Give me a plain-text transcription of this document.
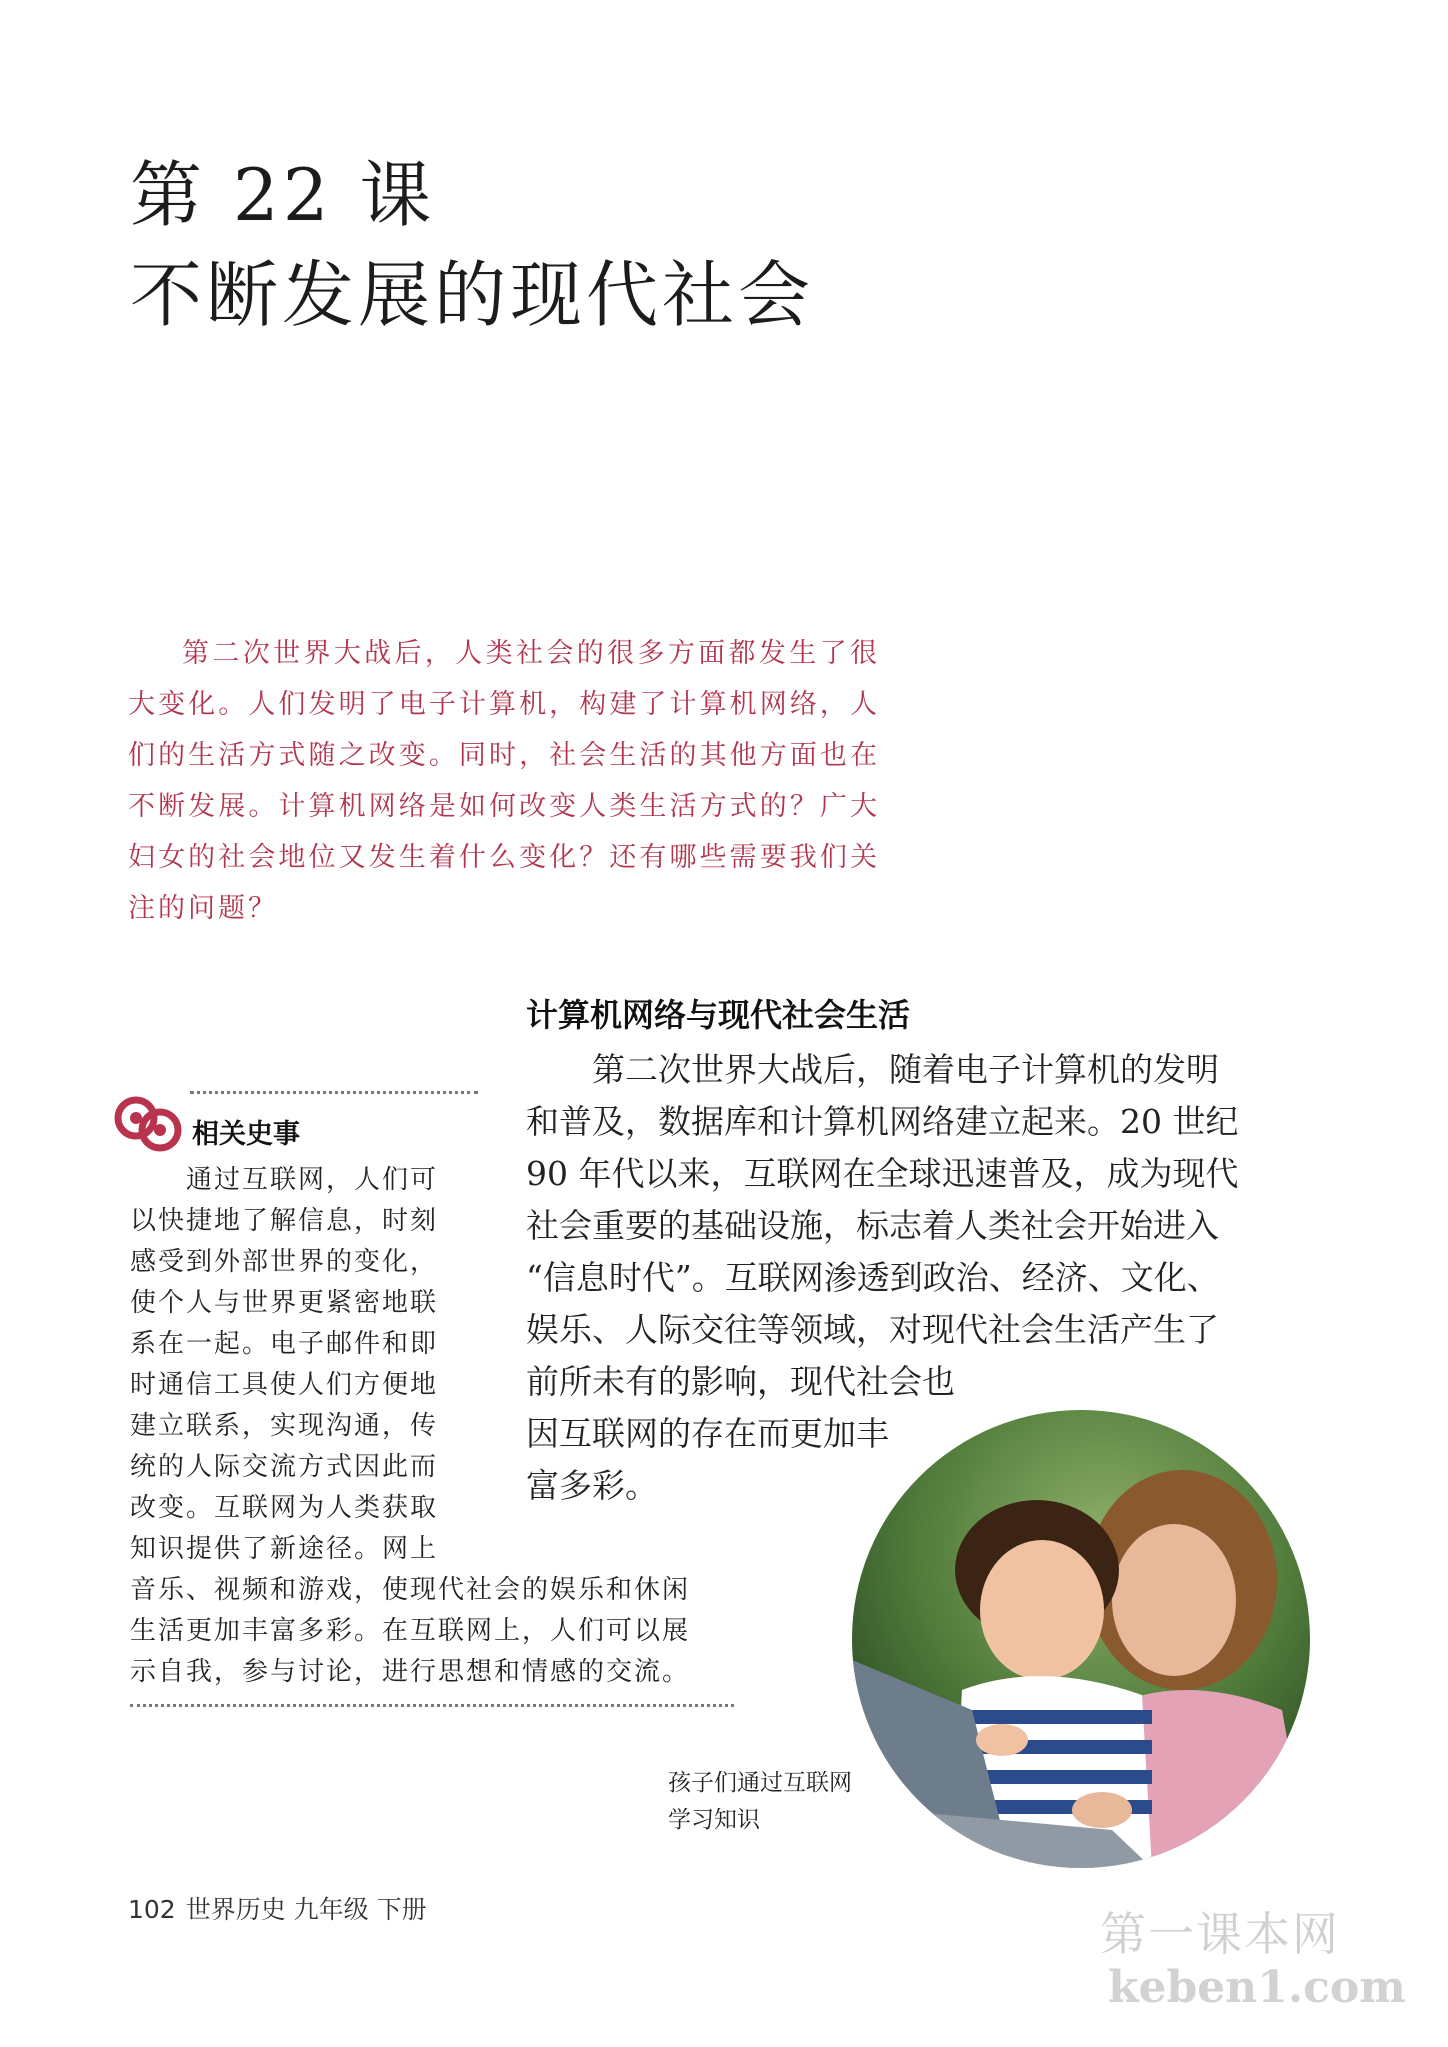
第 22 课
不断发展的现代社会
第二次世界大战后，人类社会的很多方面都发生了很大变化。人们发明了电子计算机，构建了计算机网络，人们的生活方式随之改变。同时，社会生活的其他方面也在不断发展。计算机网络是如何改变人类生活方式的？广大妇女的社会地位又发生着什么变化？还有哪些需要我们关注的问题？
计算机网络与现代社会生活
第二次世界大战后，随着电子计算机的发明
和普及，数据库和计算机网络建立起来。20 世纪
90 年代以来，互联网在全球迅速普及，成为现代
社会重要的基础设施，标志着人类社会开始进入
“信息时代”。互联网渗透到政治、经济、文化、
娱乐、人际交往等领域，对现代社会生活产生了
前所未有的影响，现代社会也
因互联网的存在而更加丰
富多彩。
相关史事
通过互联网，人们可
以快捷地了解信息，时刻
感受到外部世界的变化，
使个人与世界更紧密地联
系在一起。电子邮件和即
时通信工具使人们方便地
建立联系，实现沟通，传
统的人际交流方式因此而
改变。互联网为人类获取
知识提供了新途径。网上
音乐、视频和游戏，使现代社会的娱乐和休闲
生活更加丰富多彩。在互联网上，人们可以展
示自我，参与讨论，进行思想和情感的交流。
孩子们通过互联网
学习知识
102 世界历史 九年级 下册	第一课本网
keben1.com
